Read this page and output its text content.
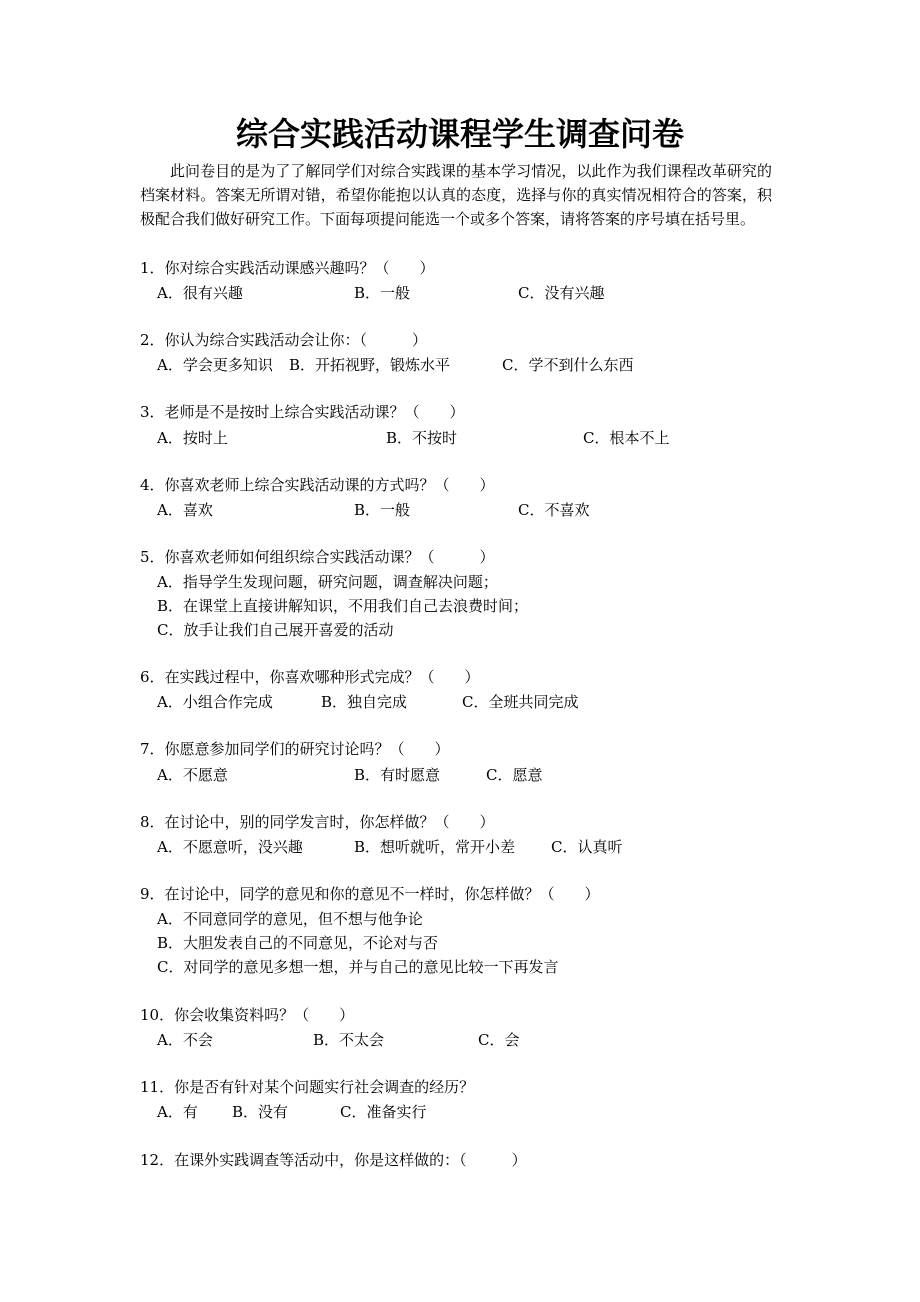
综合实践活动课程学生调查问卷

此问卷目的是为了了解同学们对综合实践课的基本学习情况，以此作为我们课程改革研究的档案材料。答案无所谓对错，希望你能抱以认真的态度，选择与你的真实情况相符合的答案，积极配合我们做好研究工作。下面每项提问能选一个或多个答案，请将答案的序号填在括号里。

1．你对综合实践活动课感兴趣吗？（　　）
A．很有兴趣	B．一般	C．没有兴趣
2．你认为综合实践活动会让你：（　　　）
A．学会更多知识 B．开拓视野，锻炼水平	C．学不到什么东西
3．老师是不是按时上综合实践活动课？（　　）
A．按时上	B．不按时	C．根本不上
4．你喜欢老师上综合实践活动课的方式吗？（　　）
A．喜欢	B．一般	C．不喜欢
5．你喜欢老师如何组织综合实践活动课？（　　　）
A．指导学生发现问题，研究问题，调查解决问题；
B．在课堂上直接讲解知识，不用我们自己去浪费时间；
C．放手让我们自己展开喜爱的活动
6．在实践过程中，你喜欢哪种形式完成？（　　）
A．小组合作完成	B．独自完成	C．全班共同完成
7．你愿意参加同学们的研究讨论吗？（　　）
A．不愿意	B．有时愿意	C．愿意
8．在讨论中，别的同学发言时，你怎样做？（　　）
A．不愿意听，没兴趣	B．想听就听，常开小差 C．认真听
9．在讨论中，同学的意见和你的意见不一样时，你怎样做？（　　）
A．不同意同学的意见，但不想与他争论
B．大胆发表自己的不同意见，不论对与否
C．对同学的意见多想一想，并与自己的意见比较一下再发言
10．你会收集资料吗？（　　）
A．不会	B．不太会	C．会
11．你是否有针对某个问题实行社会调查的经历？
A．有 B．没有	C．准备实行
12．在课外实践调查等活动中，你是这样做的：（　　　）
